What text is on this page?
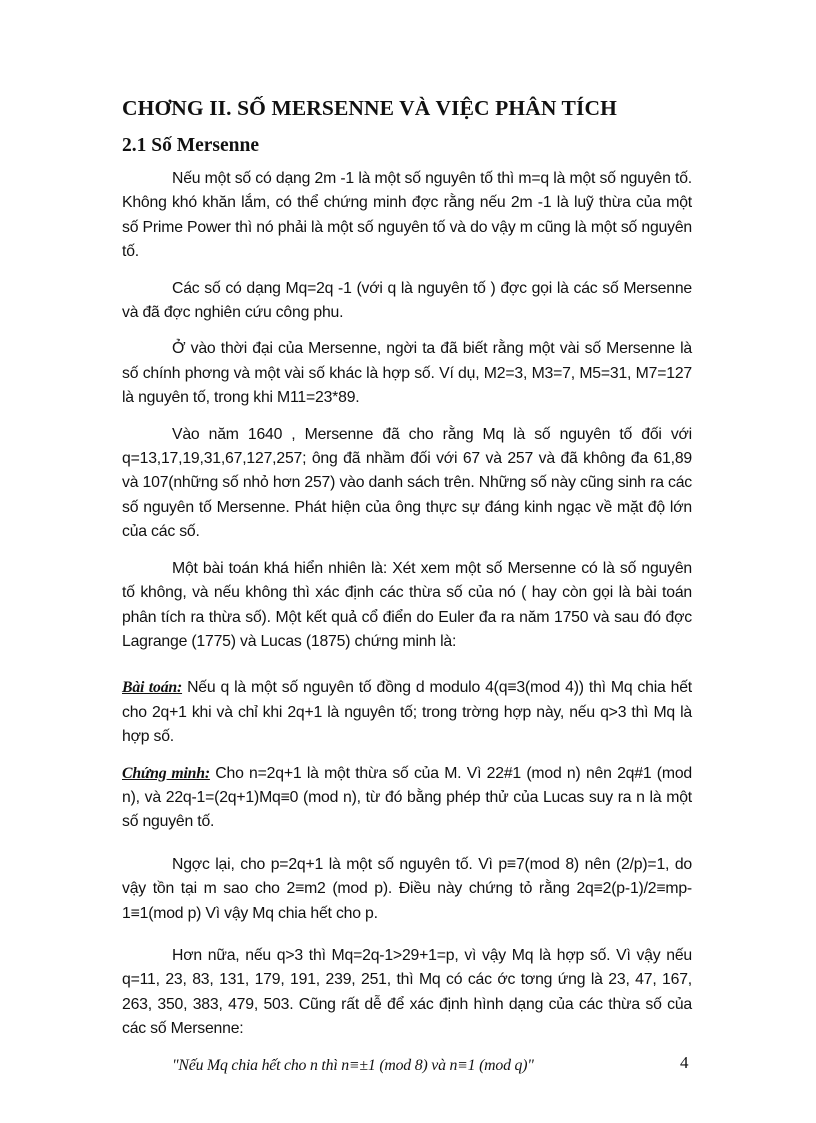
CHƠNG II. SỐ MERSENNE VÀ VIỆC PHÂN TÍCH
2.1 Số Mersenne

Nếu một số có dạng 2m -1 là một số nguyên tố thì m=q là một số nguyên tố. Không khó khăn lắm, có thể chứng minh đợc rằng nếu 2m -1 là luỹ thừa của một số Prime Power thì nó phải là một số nguyên tố và do vậy m cũng là một số nguyên tố.

Các số có dạng Mq=2q -1 (với q là nguyên tố ) đợc gọi là các số Mersenne và đã đợc nghiên cứu công phu.

Ở vào thời đại của Mersenne, ngời ta đã biết rằng một vài số Mersenne là số chính phơng và một vài số khác là hợp số. Ví dụ, M2=3, M3=7, M5=31, M7=127 là nguyên tố, trong khi M11=23*89.

Vào năm 1640 , Mersenne đã cho rằng Mq là số nguyên tố đối với q=13,17,19,31,67,127,257; ông đã nhầm đối với 67 và 257 và đã không đa 61,89 và 107(những số nhỏ hơn 257) vào danh sách trên. Những số này cũng sinh ra các số nguyên tố Mersenne. Phát hiện của ông thực sự đáng kinh ngạc về mặt độ lớn của các số.

Một bài toán khá hiển nhiên là: Xét xem một số Mersenne có là số nguyên tố không, và nếu không thì xác định các thừa số của nó ( hay còn gọi là bài toán phân tích ra thừa số). Một kết quả cổ điển do Euler đa ra năm 1750 và sau đó đợc Lagrange (1775) và Lucas (1875) chứng minh là:

Bài toán: Nếu q là một số nguyên tố đồng d modulo 4(q≡3(mod 4)) thì Mq chia hết cho 2q+1 khi và chỉ khi 2q+1 là nguyên tố; trong trờng hợp này, nếu q>3 thì Mq là hợp số.

Chứng minh: Cho n=2q+1 là một thừa số của M. Vì 22#1 (mod n) nên 2q#1 (mod n), và 22q-1=(2q+1)Mq≡0 (mod n), từ đó bằng phép thử của Lucas suy ra n là một số nguyên tố.

Ngợc lại, cho p=2q+1 là một số nguyên tố. Vì p≡7(mod 8) nên (2/p)=1, do vậy tồn tại m sao cho 2≡m2 (mod p). Điều này chứng tỏ rằng 2q≡2(p-1)/2≡mp-1≡1(mod p) Vì vậy Mq chia hết cho p.

Hơn nữa, nếu q>3 thì Mq=2q-1>29+1=p, vì vậy Mq là hợp số. Vì vậy nếu q=11, 23, 83, 131, 179, 191, 239, 251, thì Mq có các ớc tơng ứng là 23, 47, 167, 263, 350, 383, 479, 503. Cũng rất dễ để xác định hình dạng của các thừa số của các số Mersenne:

"Nếu Mq chia hết cho n thì n≡±1 (mod 8) và n≡1 (mod q)"	4
